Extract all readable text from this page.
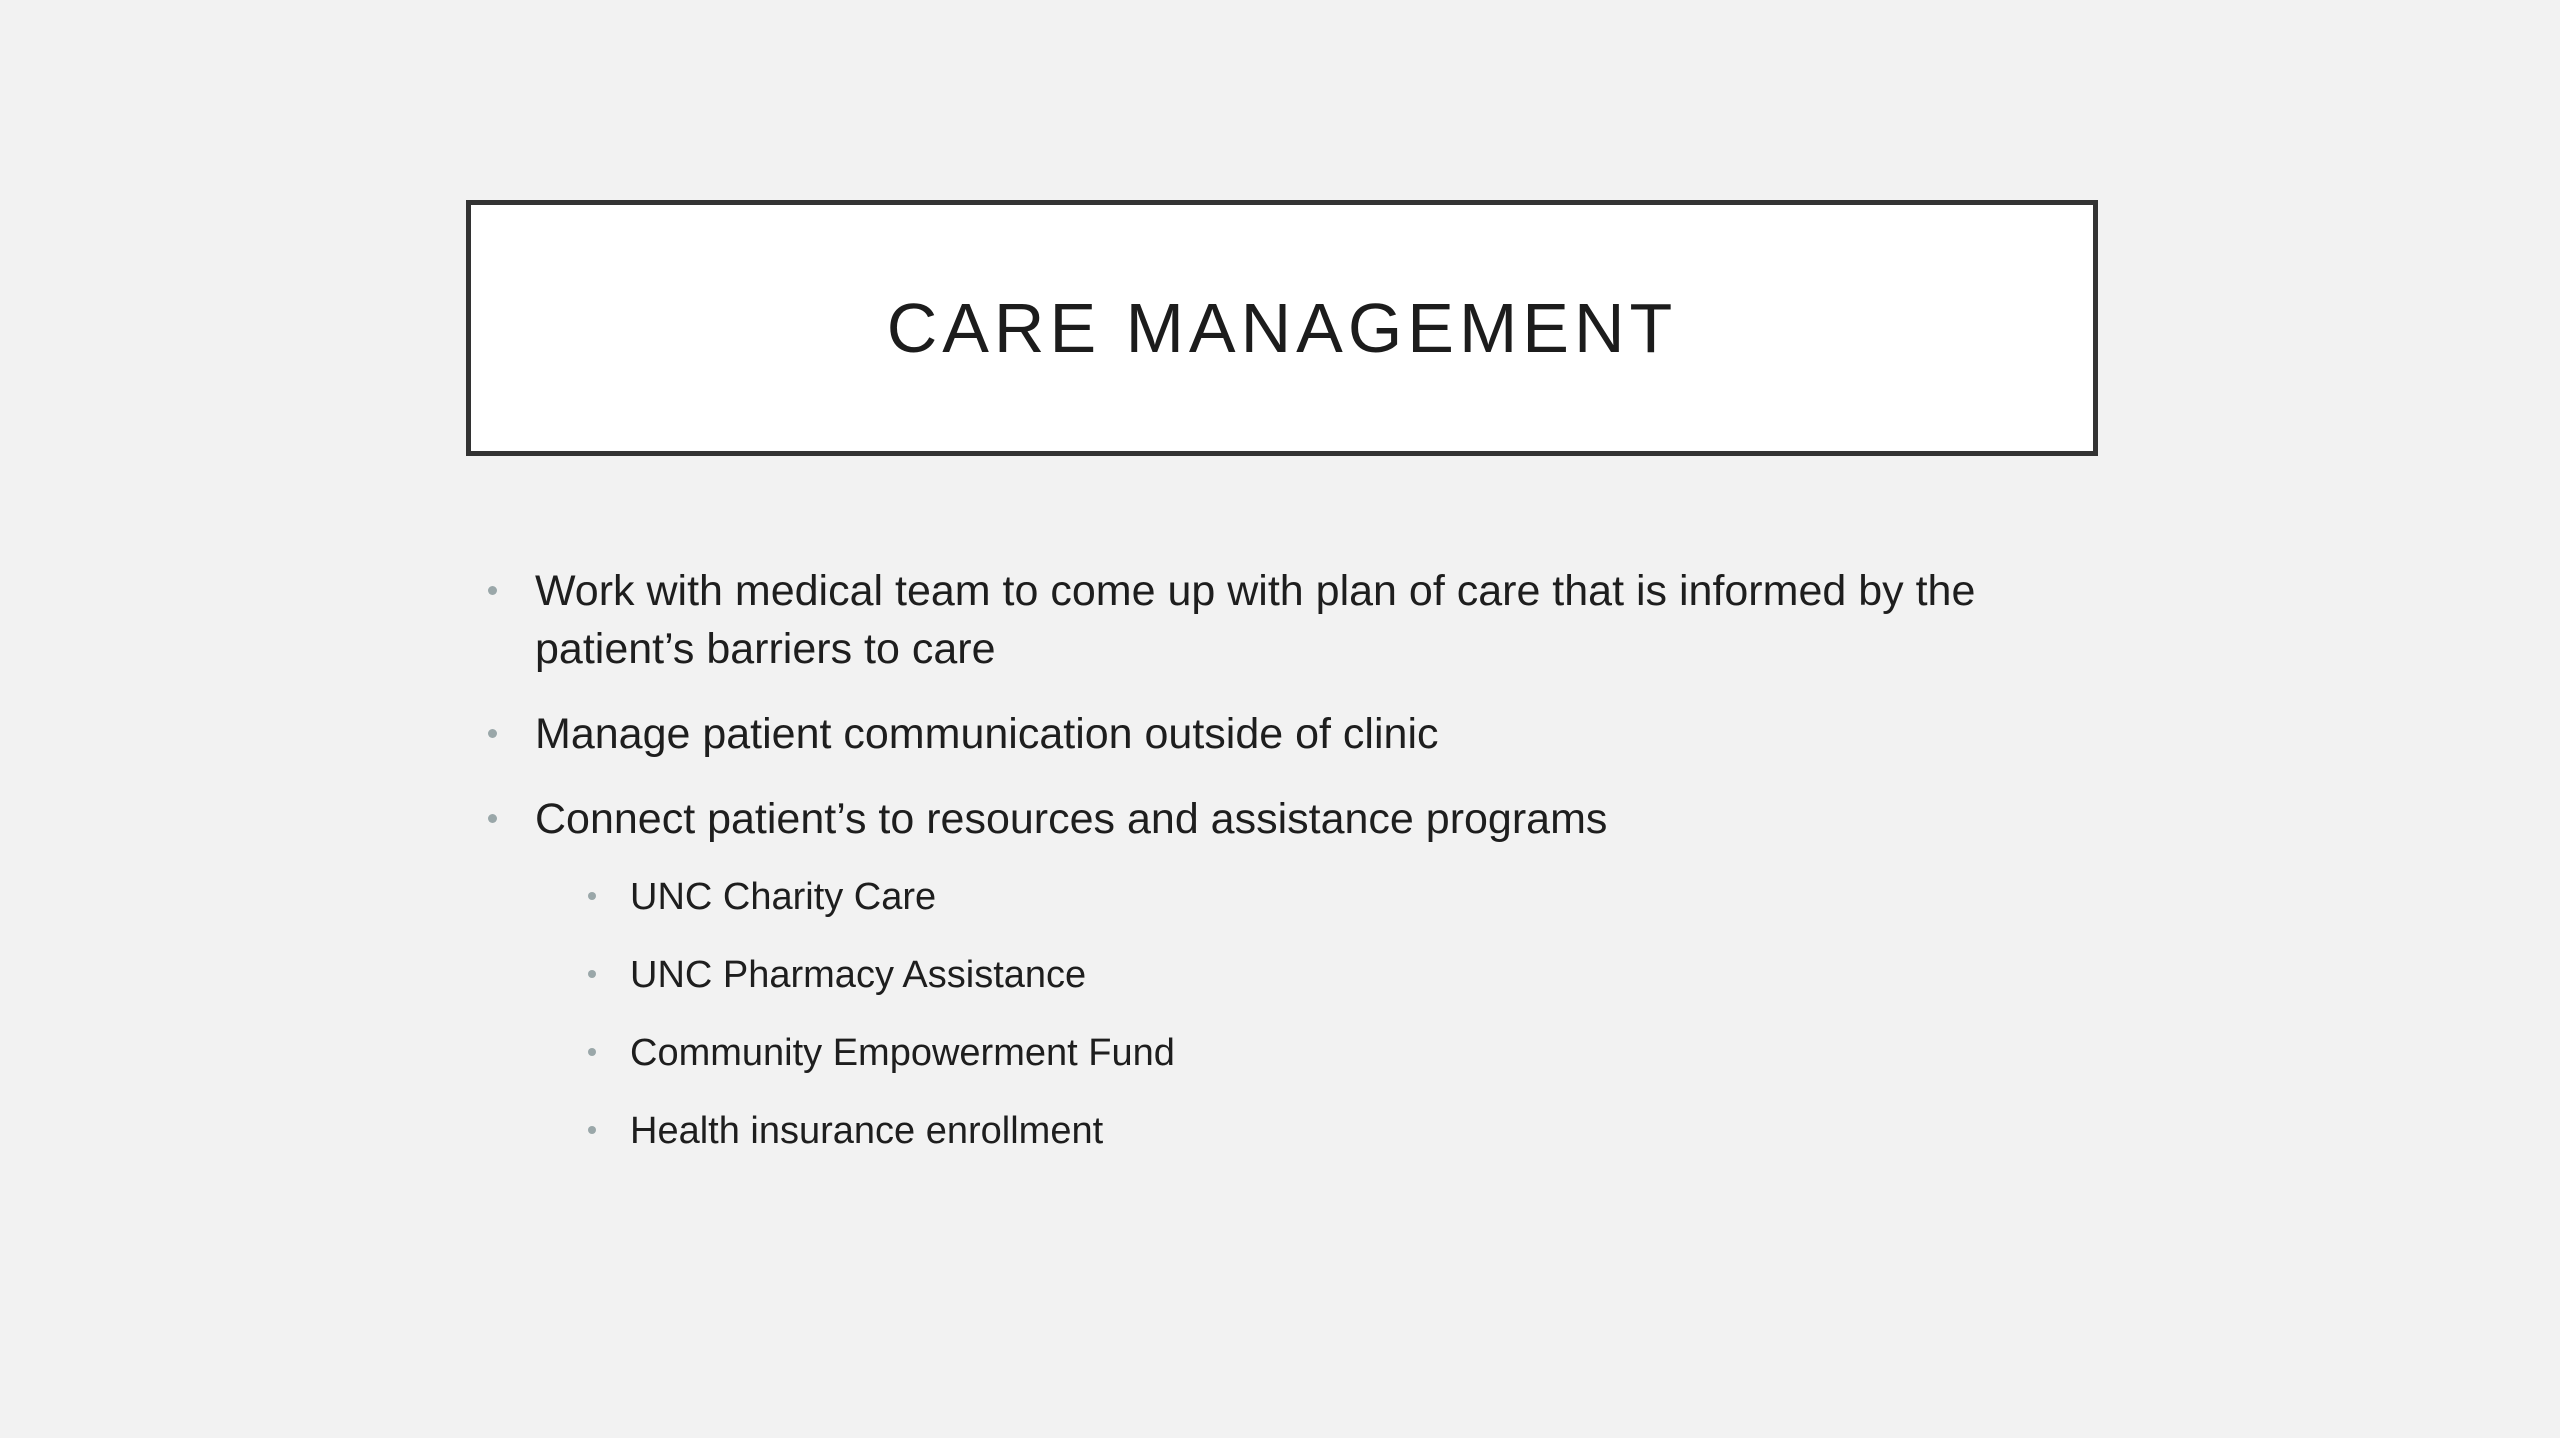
CARE MANAGEMENT
Work with medical team to come up with plan of care that is informed by the patient’s barriers to care
Manage patient communication outside of clinic
Connect patient’s to resources and assistance programs
UNC Charity Care
UNC Pharmacy Assistance
Community Empowerment Fund
Health insurance enrollment
